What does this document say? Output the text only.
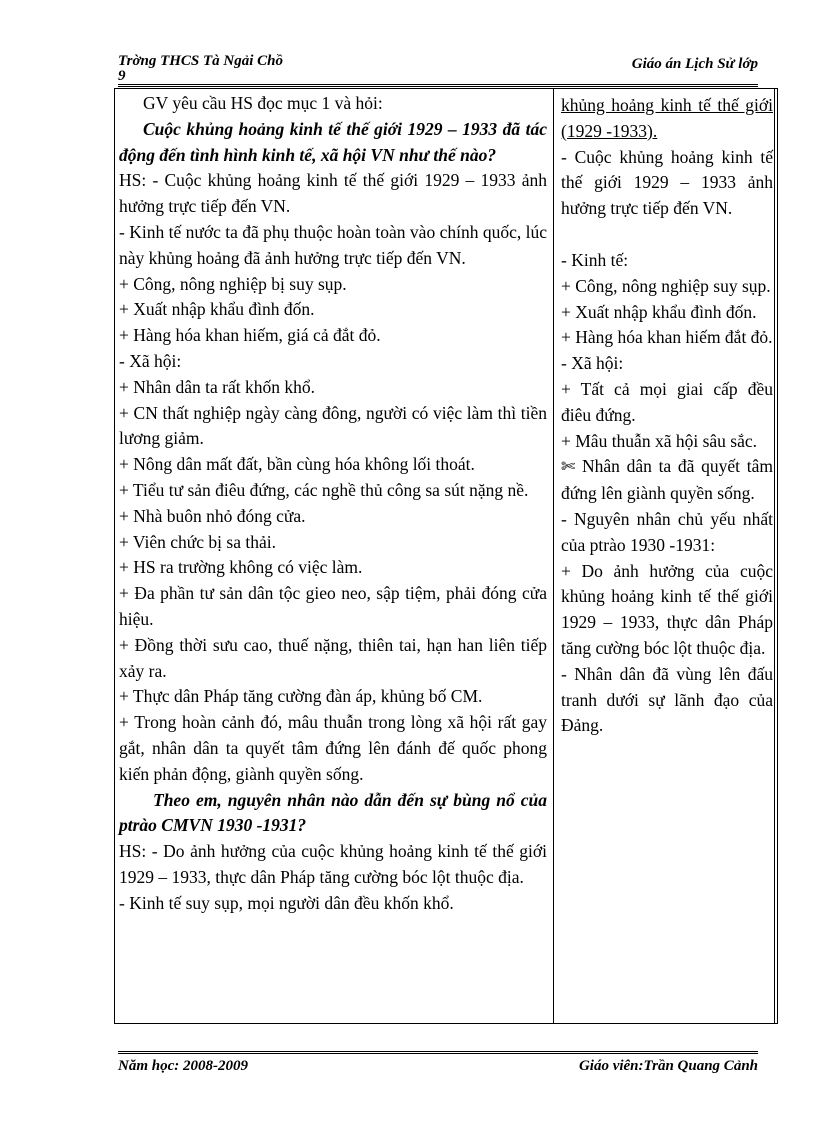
Trờng THCS Tà Ngải Chồ
9
Giáo án Lịch Sử lớp

GV yêu cầu HS đọc mục 1 và hỏi:

Cuộc khủng hoảng kinh tế thế giới 1929 – 1933 đã tác động đến tình hình kinh tế, xã hội VN như thế nào?

HS: - Cuộc khủng hoảng kinh tế thế giới 1929 – 1933 ảnh hưởng trực tiếp đến VN.

- Kinh tế nước ta đã phụ thuộc hoàn toàn vào chính quốc, lúc này khủng hoảng đã ảnh hưởng trực tiếp đến VN.

+ Công, nông nghiệp bị suy sụp.

+ Xuất nhập khẩu đình đốn.

+ Hàng hóa khan hiếm, giá cả đắt đỏ.

- Xã hội:

+ Nhân dân ta rất khốn khổ.

+ CN thất nghiệp ngày càng đông, người có việc làm thì tiền lương giảm.

+ Nông dân mất đất, bần cùng hóa không lối thoát.

+ Tiểu tư sản điêu đứng, các nghề thủ công sa sút nặng nề.

+ Nhà buôn nhỏ đóng cửa.

+ Viên chức bị sa thải.

+ HS ra trường không có việc làm.

+ Đa phần tư sản dân tộc gieo neo, sập tiệm, phải đóng cửa hiệu.

+ Đồng thời sưu cao, thuế nặng, thiên tai, hạn han liên tiếp xảy ra.

+ Thực dân Pháp tăng cường đàn áp, khủng bố CM.

+ Trong hoàn cảnh đó, mâu thuẫn trong lòng xã hội rất gay gắt, nhân dân ta quyết tâm đứng lên đánh đế quốc phong kiến phản động, giành quyền sống.

Theo em, nguyên nhân nào dẫn đến sự bùng nổ của ptrào CMVN 1930 -1931?

HS: - Do ảnh hưởng của cuộc khủng hoảng kinh tế thế giới 1929 – 1933, thực dân Pháp tăng cường bóc lột thuộc địa.

- Kinh tế suy sụp, mọi người dân đều khốn khổ.

khủng hoảng kinh tế thế giới (1929 -1933).

- Cuộc khủng hoảng kinh tế thế giới 1929 – 1933 ảnh hưởng trực tiếp đến VN.

- Kinh tế:

+ Công, nông nghiệp suy sụp.

+ Xuất nhập khẩu đình đốn.

+ Hàng hóa khan hiếm đắt đỏ.

- Xã hội:

+ Tất cả mọi giai cấp đều điêu đứng.

+ Mâu thuẫn xã hội sâu sắc.

✄ Nhân dân ta đã quyết tâm đứng lên giành quyền sống.

- Nguyên nhân chủ yếu nhất của ptrào 1930 -1931:

+ Do ảnh hưởng của cuộc khủng hoảng kinh tế thế giới 1929 – 1933, thực dân Pháp tăng cường bóc lột thuộc địa.

- Nhân dân đã vùng lên đấu tranh dưới sự lãnh đạo của Đảng.

Năm học: 2008-2009	Giáo viên:Trần Quang Cảnh
